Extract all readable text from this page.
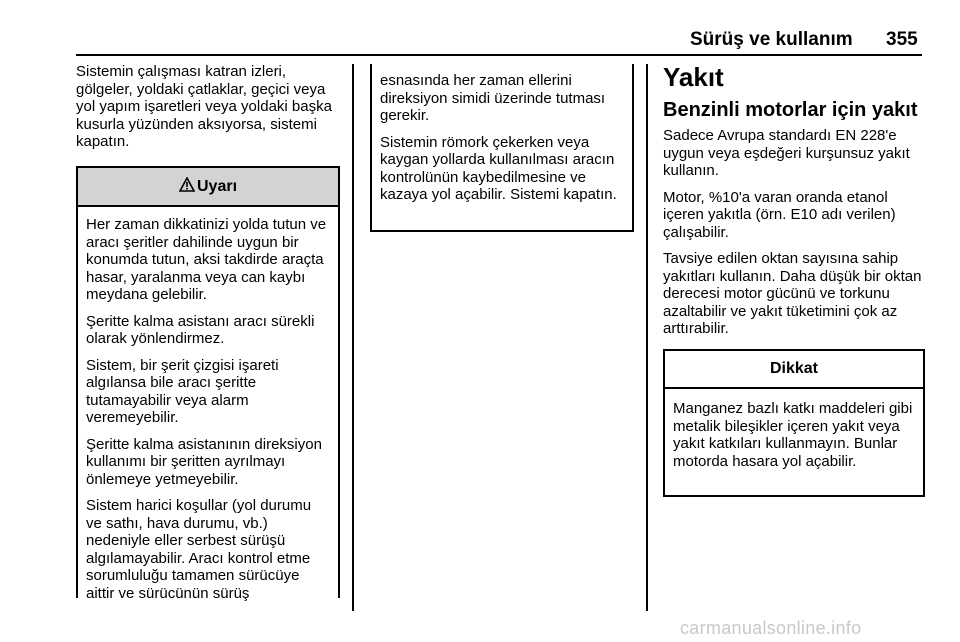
Sürüş ve kullanım 355

Sistemin çalışması katran izleri, gölgeler, yoldaki çatlaklar, geçici veya yol yapım işaretleri veya yoldaki başka kusurla yüzünden aksıyorsa, sistemi kapatın.

Uyarı

Her zaman dikkatinizi yolda tutun ve aracı şeritler dahilinde uygun bir konumda tutun, aksi takdirde araçta hasar, yaralanma veya can kaybı meydana gelebilir.

Şeritte kalma asistanı aracı sürekli olarak yönlendirmez.

Sistem, bir şerit çizgisi işareti algılansa bile aracı şeritte tutamayabilir veya alarm veremeyebilir.

Şeritte kalma asistanının direksiyon kullanımı bir şeritten ayrılmayı önlemeye yetmeyebilir.

Sistem harici koşullar (yol durumu ve sathı, hava durumu, vb.) nedeniyle eller serbest sürüşü algılamayabilir. Aracı kontrol etme sorumluluğu tamamen sürücüye aittir ve sürücünün sürüş

esnasında her zaman ellerini direksiyon simidi üzerinde tutması gerekir.

Sistemin römork çekerken veya kaygan yollarda kullanılması aracın kontrolünün kaybedilmesine ve kazaya yol açabilir. Sistemi kapatın.

Yakıt
Benzinli motorlar için yakıt

Sadece Avrupa standardı EN 228'e uygun veya eşdeğeri kurşunsuz yakıt kullanın.

Motor, %10'a varan oranda etanol içeren yakıtla (örn. E10 adı verilen) çalışabilir.

Tavsiye edilen oktan sayısına sahip yakıtları kullanın. Daha düşük bir oktan derecesi motor gücünü ve torkunu azaltabilir ve yakıt tüketimini çok az arttırabilir.

Dikkat
Manganez bazlı katkı maddeleri gibi metalik bileşikler içeren yakıt veya yakıt katkıları kullanmayın. Bunlar motorda hasara yol açabilir.
carmanualsonline.info
